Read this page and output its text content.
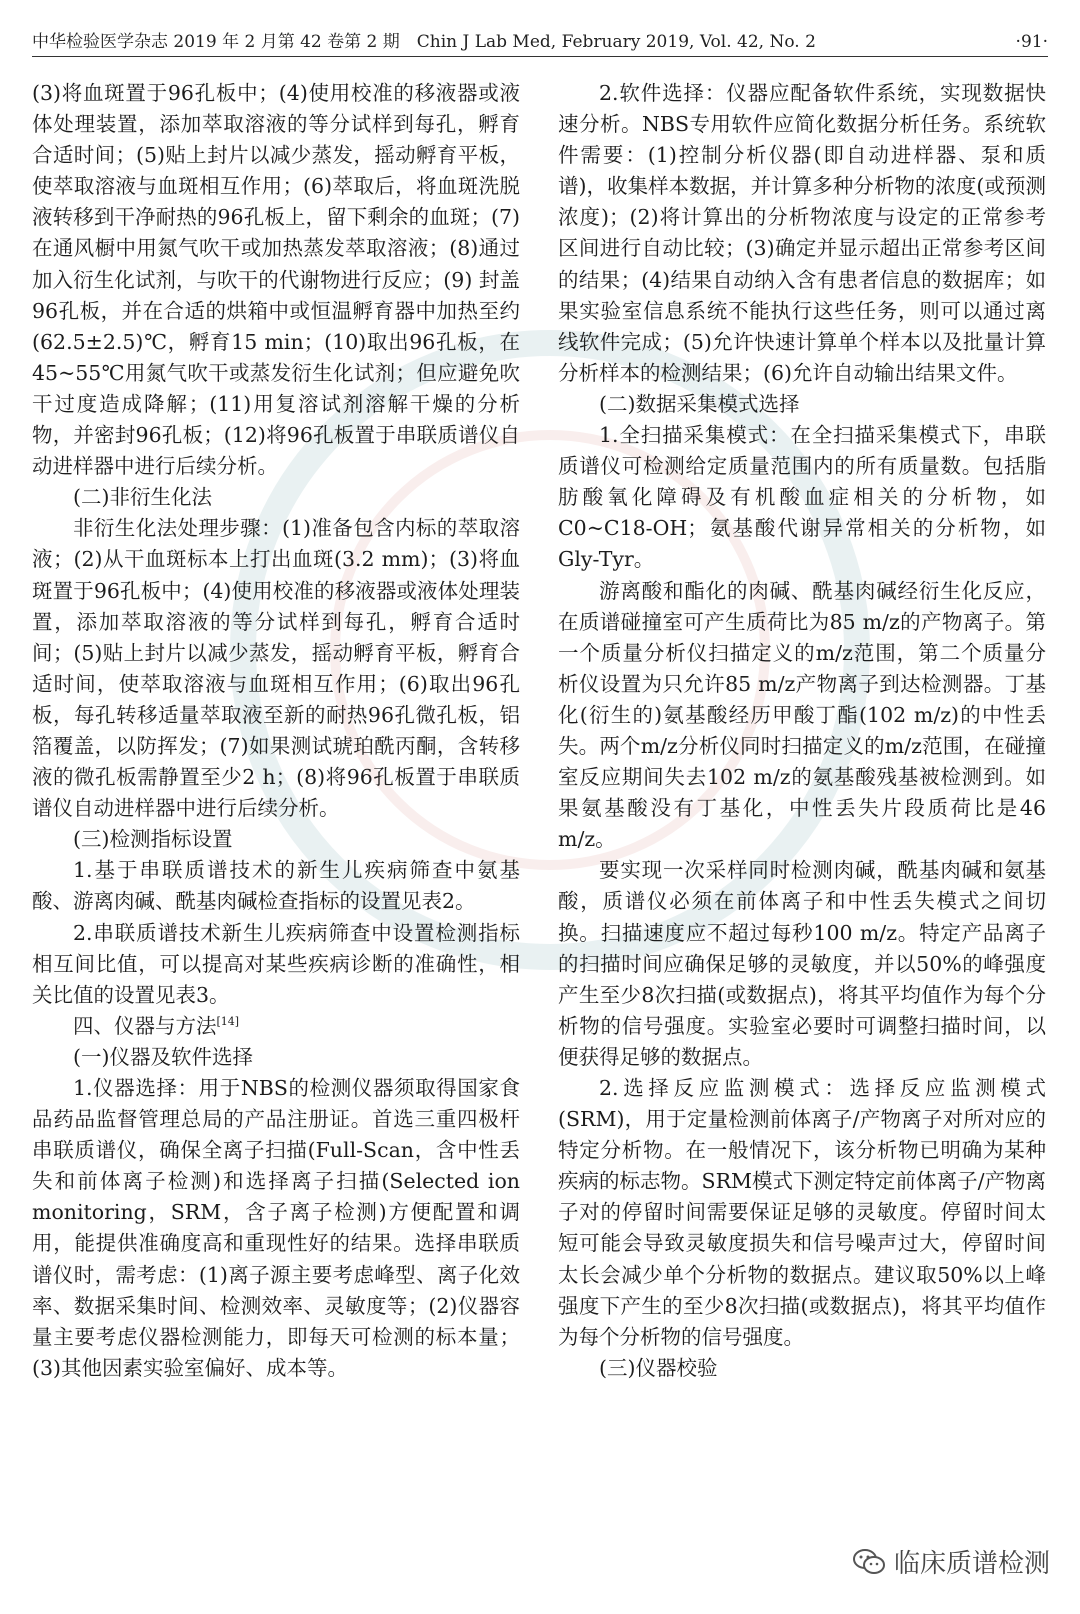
中华检验医学杂志 2019 年 2 月第 42 卷第 2 期　Chin J Lab Med, February 2019, Vol. 42, No. 2	·91·

(3)将血斑置于96孔板中；(4)使用校准的移液器或液体处理装置，添加萃取溶液的等分试样到每孔，孵育合适时间；(5)贴上封片以减少蒸发，摇动孵育平板，使萃取溶液与血斑相互作用；(6)萃取后，将血斑洗脱液转移到干净耐热的96孔板上，留下剩余的血斑；(7)在通风橱中用氮气吹干或加热蒸发萃取溶液；(8)通过加入衍生化试剂，与吹干的代谢物进行反应；(9) 封盖96孔板，并在合适的烘箱中或恒温孵育器中加热至约(62.5±2.5)℃，孵育15 min；(10)取出96孔板，在45~55℃用氮气吹干或蒸发衍生化试剂；但应避免吹干过度造成降解；(11)用复溶试剂溶解干燥的分析物，并密封96孔板；(12)将96孔板置于串联质谱仪自动进样器中进行后续分析。

(二)非衍生化法

非衍生化法处理步骤：(1)准备包含内标的萃取溶液；(2)从干血斑标本上打出血斑(3.2 mm)；(3)将血斑置于96孔板中；(4)使用校准的移液器或液体处理装置，添加萃取溶液的等分试样到每孔，孵育合适时间；(5)贴上封片以减少蒸发，摇动孵育平板，孵育合适时间，使萃取溶液与血斑相互作用；(6)取出96孔板，每孔转移适量萃取液至新的耐热96孔微孔板，铝箔覆盖，以防挥发；(7)如果测试琥珀酰丙酮，含转移液的微孔板需静置至少2 h；(8)将96孔板置于串联质谱仪自动进样器中进行后续分析。

(三)检测指标设置

1.基于串联质谱技术的新生儿疾病筛查中氨基酸、游离肉碱、酰基肉碱检查指标的设置见表2。

2.串联质谱技术新生儿疾病筛查中设置检测指标相互间比值，可以提高对某些疾病诊断的准确性，相关比值的设置见表3。

四、仪器与方法[14]

(一)仪器及软件选择

1.仪器选择：用于NBS的检测仪器须取得国家食品药品监督管理总局的产品注册证。首选三重四极杆串联质谱仪，确保全离子扫描(Full-Scan，含中性丢失和前体离子检测)和选择离子扫描(Selected ion monitoring，SRM，含子离子检测)方便配置和调用，能提供准确度高和重现性好的结果。选择串联质谱仪时，需考虑：(1)离子源主要考虑峰型、离子化效率、数据采集时间、检测效率、灵敏度等；(2)仪器容量主要考虑仪器检测能力，即每天可检测的标本量；(3)其他因素实验室偏好、成本等。

2.软件选择：仪器应配备软件系统，实现数据快速分析。NBS专用软件应简化数据分析任务。系统软件需要：(1)控制分析仪器(即自动进样器、泵和质谱)，收集样本数据，并计算多种分析物的浓度(或预测浓度)；(2)将计算出的分析物浓度与设定的正常参考区间进行自动比较；(3)确定并显示超出正常参考区间的结果；(4)结果自动纳入含有患者信息的数据库；如果实验室信息系统不能执行这些任务，则可以通过离线软件完成；(5)允许快速计算单个样本以及批量计算分析样本的检测结果；(6)允许自动输出结果文件。

(二)数据采集模式选择

1.全扫描采集模式：在全扫描采集模式下，串联质谱仪可检测给定质量范围内的所有质量数。包括脂肪酸氧化障碍及有机酸血症相关的分析物，如C0~C18-OH；氨基酸代谢异常相关的分析物，如Gly-Tyr。

游离酸和酯化的肉碱、酰基肉碱经衍生化反应，在质谱碰撞室可产生质荷比为85 m/z的产物离子。第一个质量分析仪扫描定义的m/z范围，第二个质量分析仪设置为只允许85 m/z产物离子到达检测器。丁基化(衍生的)氨基酸经历甲酸丁酯(102 m/z)的中性丢失。两个m/z分析仪同时扫描定义的m/z范围，在碰撞室反应期间失去102 m/z的氨基酸残基被检测到。如果氨基酸没有丁基化，中性丢失片段质荷比是46 m/z。

要实现一次采样同时检测肉碱，酰基肉碱和氨基酸，质谱仪必须在前体离子和中性丢失模式之间切换。扫描速度应不超过每秒100 m/z。特定产品离子的扫描时间应确保足够的灵敏度，并以50%的峰强度产生至少8次扫描(或数据点)，将其平均值作为每个分析物的信号强度。实验室必要时可调整扫描时间，以便获得足够的数据点。

2.选择反应监测模式：选择反应监测模式(SRM)，用于定量检测前体离子/产物离子对所对应的特定分析物。在一般情况下，该分析物已明确为某种疾病的标志物。SRM模式下测定特定前体离子/产物离子对的停留时间需要保证足够的灵敏度。停留时间太短可能会导致灵敏度损失和信号噪声过大，停留时间太长会减少单个分析物的数据点。建议取50%以上峰强度下产生的至少8次扫描(或数据点)，将其平均值作为每个分析物的信号强度。

(三)仪器校验

临床质谱检测
